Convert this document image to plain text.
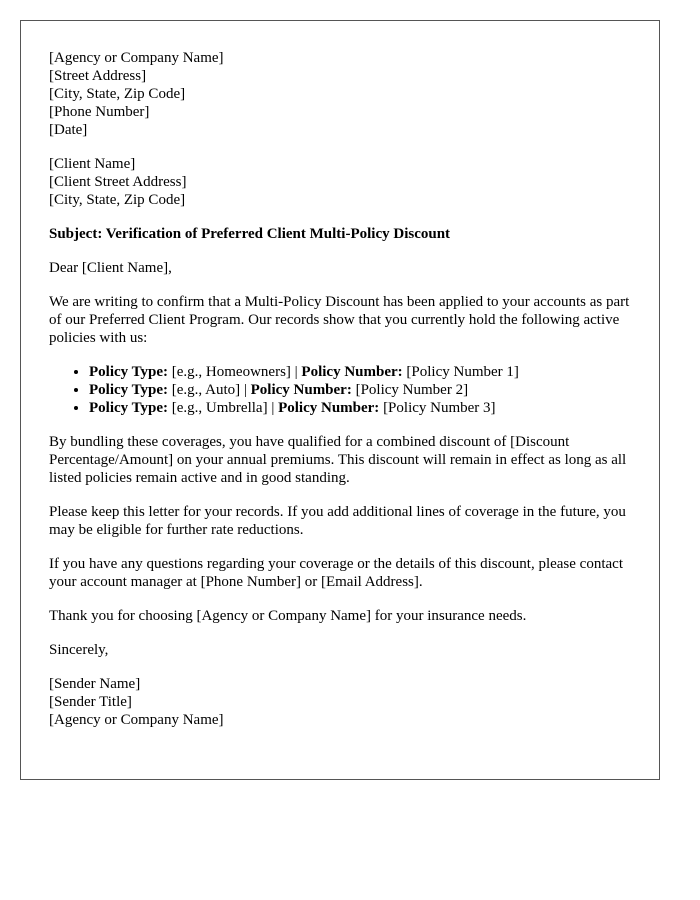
[Agency or Company Name]
[Street Address]
[City, State, Zip Code]
[Phone Number]
[Date]
[Client Name]
[Client Street Address]
[City, State, Zip Code]

Subject: Verification of Preferred Client Multi-Policy Discount

Dear [Client Name],

We are writing to confirm that a Multi-Policy Discount has been applied to your accounts as part of our Preferred Client Program. Our records show that you currently hold the following active policies with us:

• Policy Type: [e.g., Homeowners] | Policy Number: [Policy Number 1]
• Policy Type: [e.g., Auto] | Policy Number: [Policy Number 2]
• Policy Type: [e.g., Umbrella] | Policy Number: [Policy Number 3]

By bundling these coverages, you have qualified for a combined discount of [Discount Percentage/Amount] on your annual premiums. This discount will remain in effect as long as all listed policies remain active and in good standing.

Please keep this letter for your records. If you add additional lines of coverage in the future, you may be eligible for further rate reductions.

If you have any questions regarding your coverage or the details of this discount, please contact your account manager at [Phone Number] or [Email Address].

Thank you for choosing [Agency or Company Name] for your insurance needs.

Sincerely,

[Sender Name]
[Sender Title]
[Agency or Company Name]
